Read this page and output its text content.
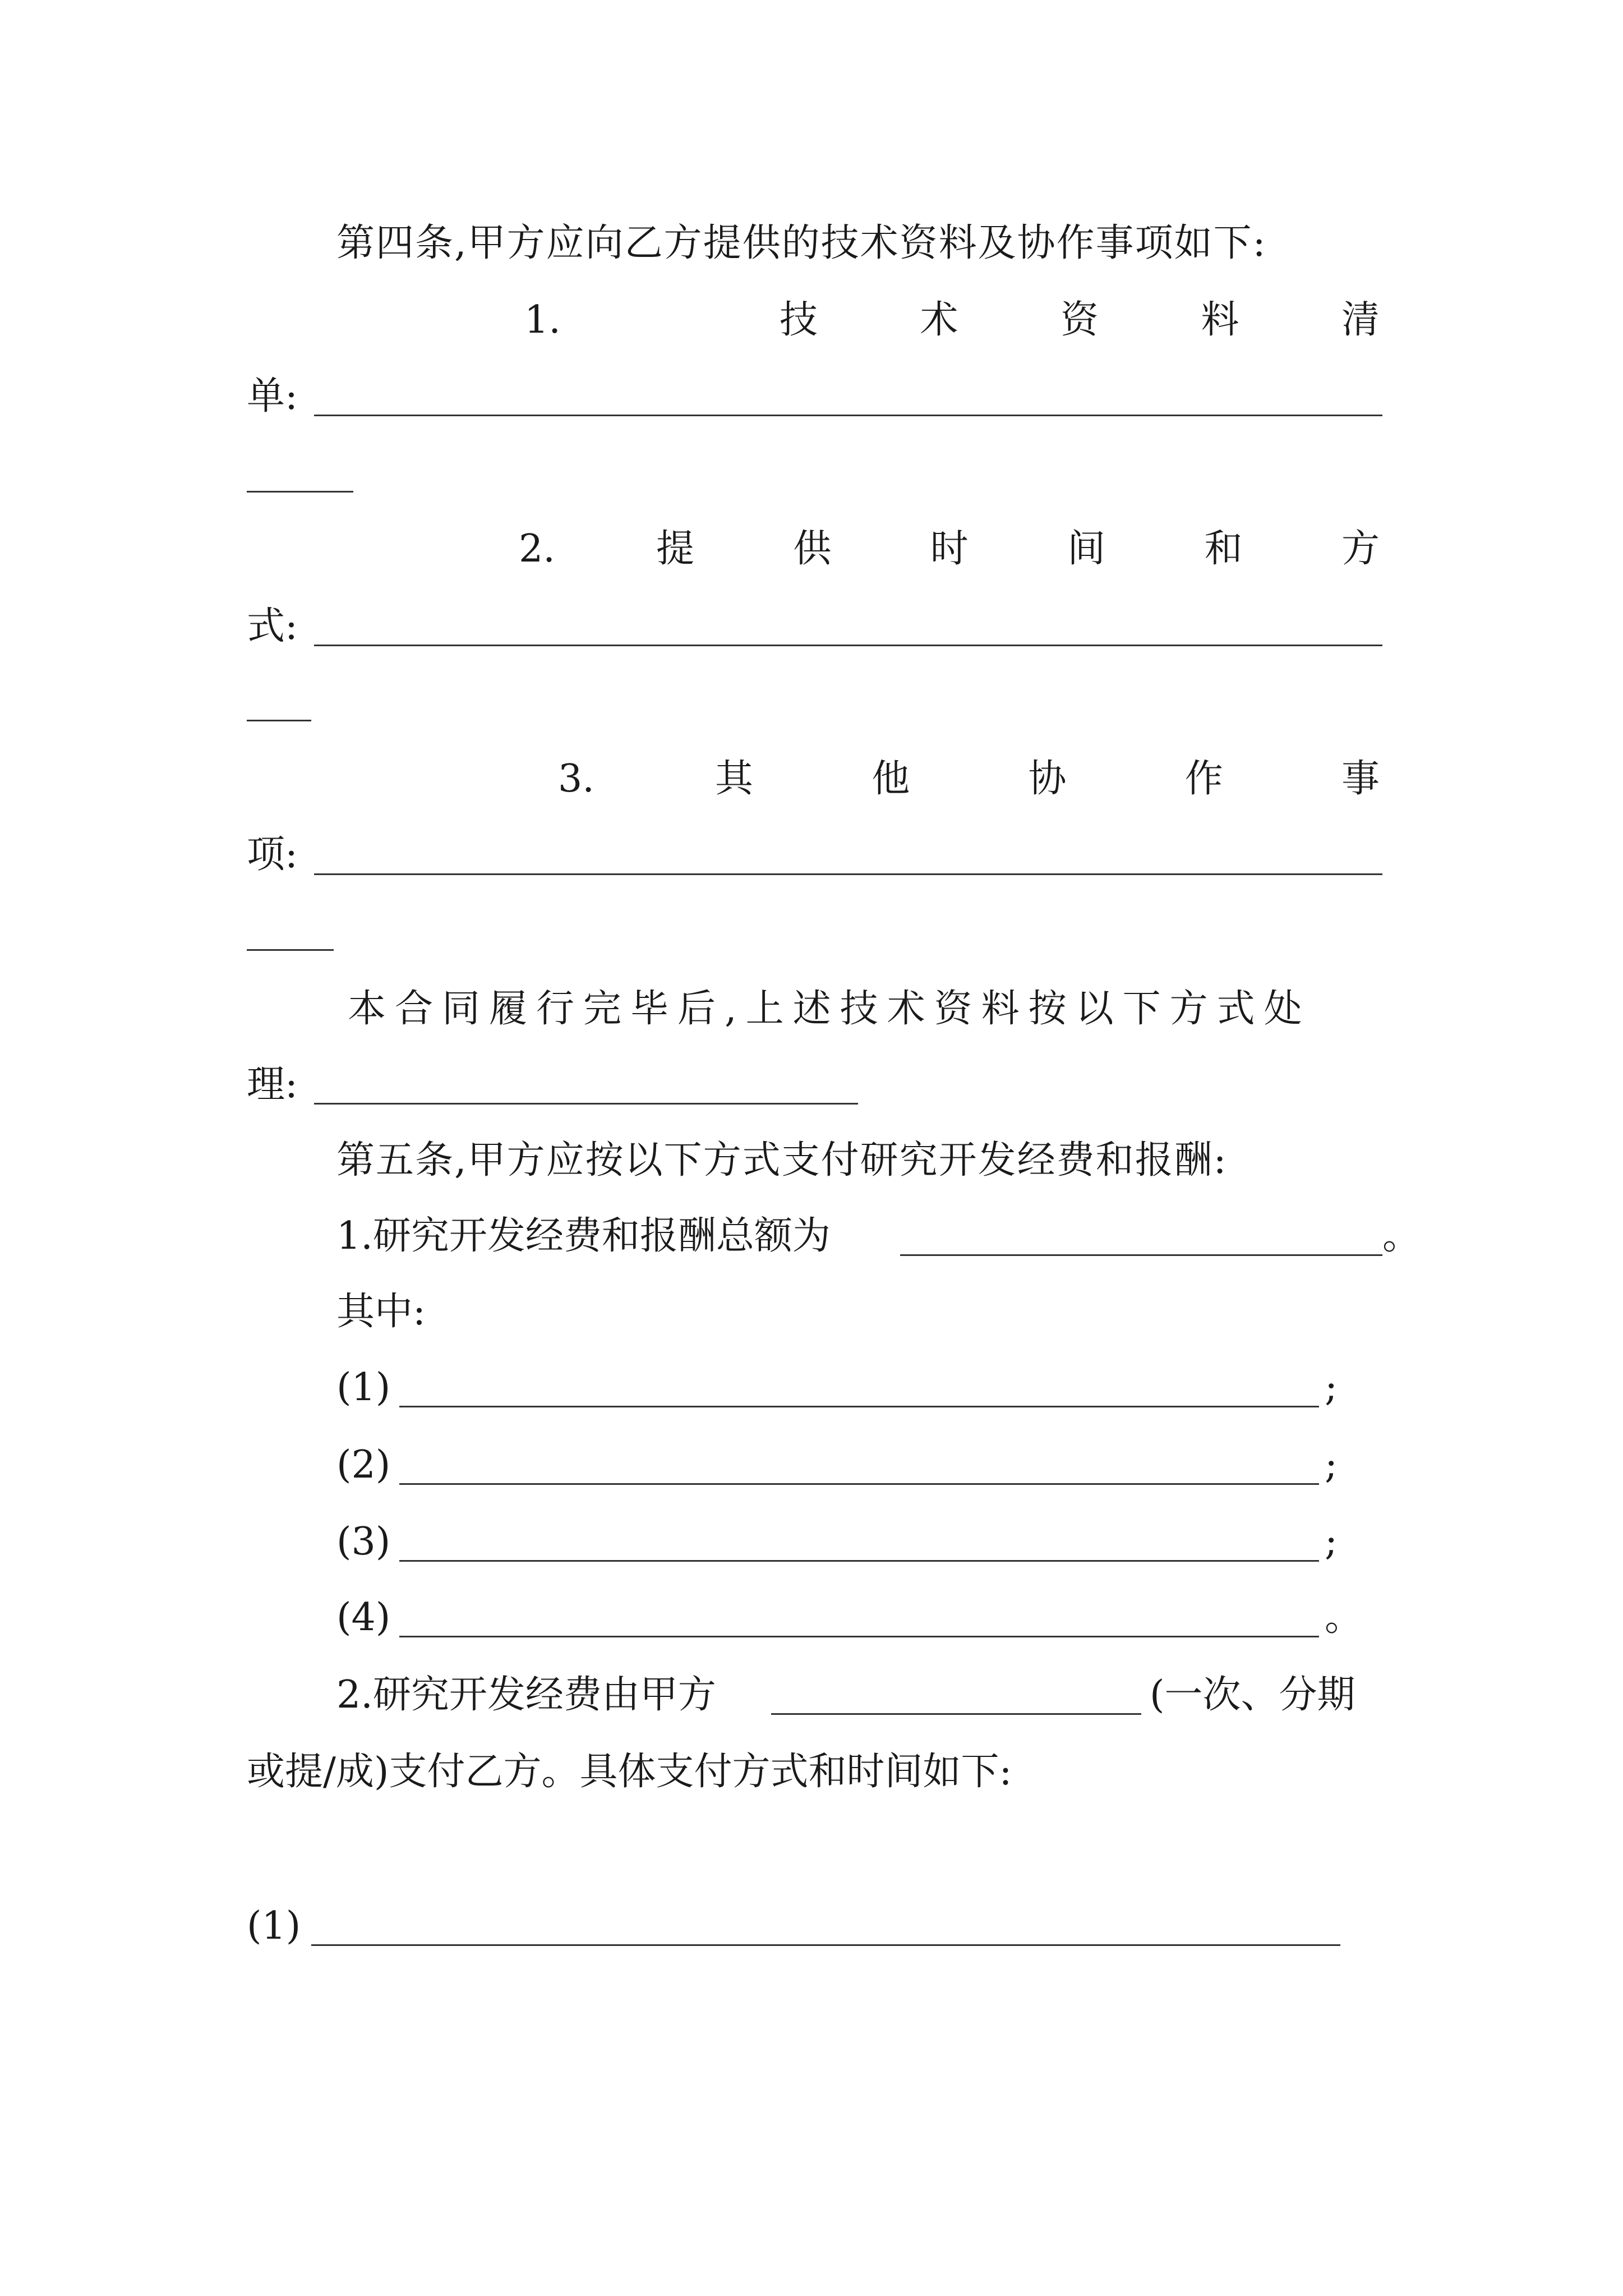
第四条,甲方应向乙方提供的技术资料及协作事项如下:
1.	技	术	资	料	清
单:
2.	提	供	时	间	和	方
式:
3.	其	他	协	作	事
项:
本合同履行完毕后,上述技术资料按以下方式处
理:
第五条,甲方应按以下方式支付研究开发经费和报酬:
1.研究开发经费和报酬总额为	。
其中:
(1)	;
(2)	;
(3)	;
(4)	。
2.研究开发经费由甲方	(一次、分期
或提/成)支付乙方。具体支付方式和时间如下:
(1)
